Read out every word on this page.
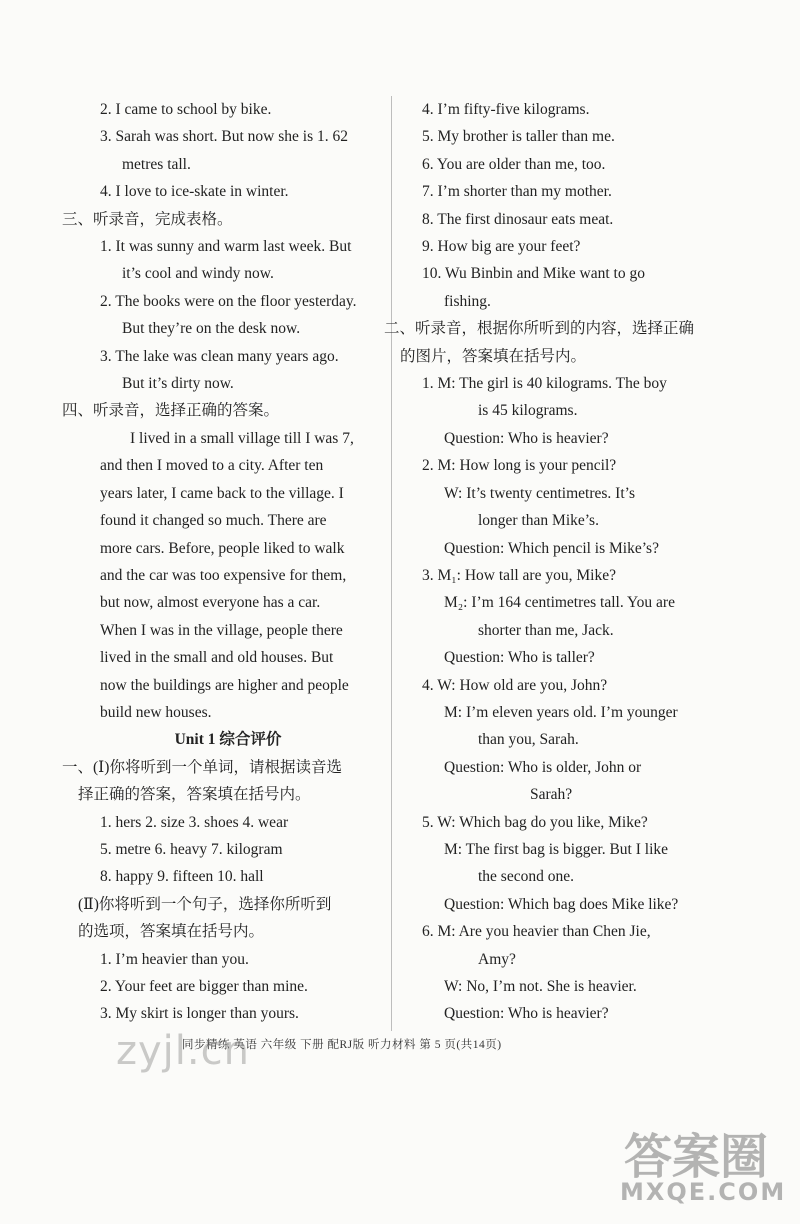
2. I came to school by bike.
3. Sarah was short. But now she is 1. 62
metres tall.
4. I love to ice-skate in winter.
三、听录音，完成表格。
1. It was sunny and warm last week. But
it’s cool and windy now.
2. The books were on the floor yesterday.
But they’re on the desk now.
3. The lake was clean many years ago.
But it’s dirty now.
四、听录音，选择正确的答案。
I lived in a small village till I was 7,
and then I moved to a city. After ten
years later, I came back to the village. I
found it changed so much. There are
more cars. Before, people liked to walk
and the car was too expensive for them,
but now, almost everyone has a car.
When I was in the village, people there
lived in the small and old houses. But
now the buildings are higher and people
build new houses.
Unit 1 综合评价
一、(Ⅰ)你将听到一个单词，请根据读音选
择正确的答案，答案填在括号内。
1. hers 2. size 3. shoes 4. wear
5. metre 6. heavy 7. kilogram
8. happy 9. fifteen 10. hall
(Ⅱ)你将听到一个句子，选择你所听到
的选项，答案填在括号内。
1. I’m heavier than you.
2. Your feet are bigger than mine.
3. My skirt is longer than yours.
4. I’m fifty-five kilograms.
5. My brother is taller than me.
6. You are older than me, too.
7. I’m shorter than my mother.
8. The first dinosaur eats meat.
9. How big are your feet?
10. Wu Binbin and Mike want to go
fishing.
二、听录音，根据你所听到的内容，选择正确
的图片，答案填在括号内。
1. M: The girl is 40 kilograms. The boy
is 45 kilograms.
Question: Who is heavier?
2. M: How long is your pencil?
W: It’s twenty centimetres. It’s
longer than Mike’s.
Question: Which pencil is Mike’s?
3. M₁: How tall are you, Mike?
M₂: I’m 164 centimetres tall. You are
shorter than me, Jack.
Question: Who is taller?
4. W: How old are you, John?
M: I’m eleven years old. I’m younger
than you, Sarah.
Question: Who is older, John or
Sarah?
5. W: Which bag do you like, Mike?
M: The first bag is bigger. But I like
the second one.
Question: Which bag does Mike like?
6. M: Are you heavier than Chen Jie,
Amy?
W: No, I’m not. She is heavier.
Question: Who is heavier?
同步精练 英语 六年级 下册 配RJ版 听力材料 第 5 页(共14页)
zyjl.cn
答案圈
MXQE.COM
